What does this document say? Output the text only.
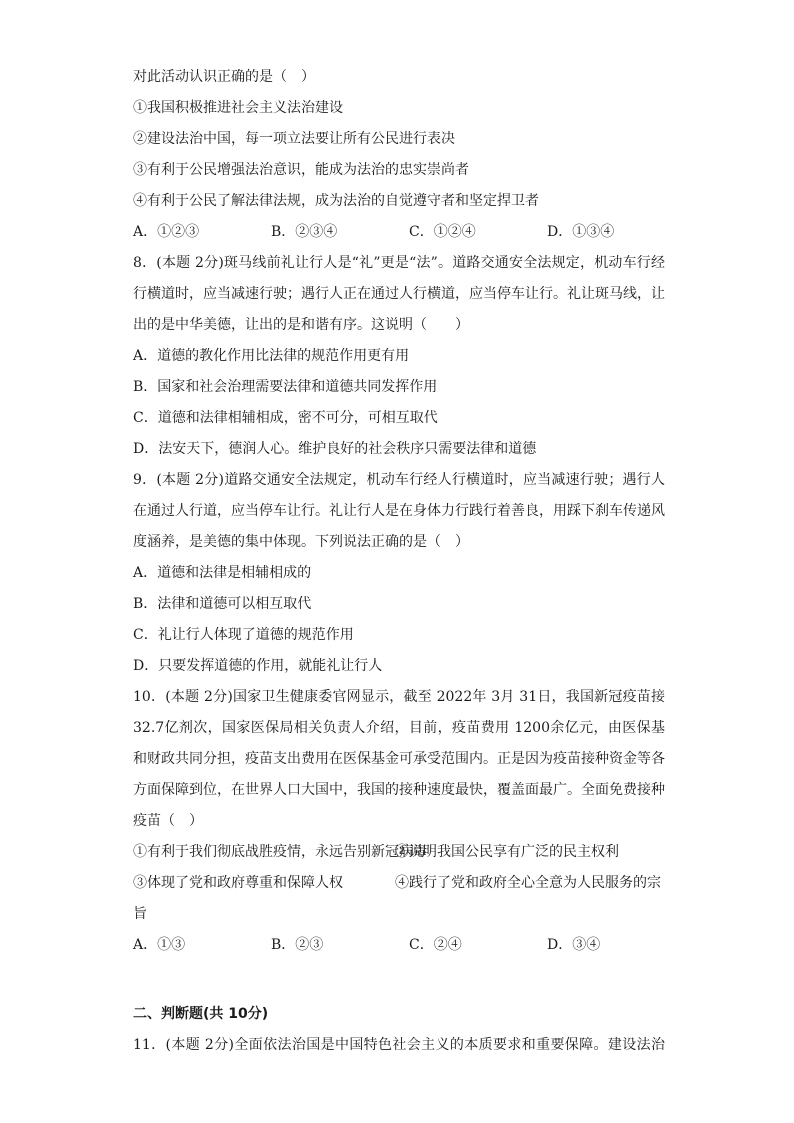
对此活动认识正确的是（　）
①我国积极推进社会主义法治建设
②建设法治中国，每一项立法要让所有公民进行表决
③有利于公民增强法治意识，能成为法治的忠实崇尚者
④有利于公民了解法律法规，成为法治的自觉遵守者和坚定捍卫者
A．①②③	B．②③④	C．①②④	D．①③④
8．(本题 2分)斑马线前礼让行人是“礼”更是“法”。道路交通安全法规定，机动车行经
行横道时，应当减速行驶；遇行人正在通过人行横道，应当停车让行。礼让斑马线，让
出的是中华美德，让出的是和谐有序。这说明（　　）
A．道德的教化作用比法律的规范作用更有用
B．国家和社会治理需要法律和道德共同发挥作用
C．道德和法律相辅相成，密不可分，可相互取代
D．法安天下，德润人心。维护良好的社会秩序只需要法律和道德
9．(本题 2分)道路交通安全法规定，机动车行经人行横道时，应当减速行驶；遇行人
在通过人行道，应当停车让行。礼让行人是在身体力行践行着善良，用踩下刹车传递风
度涵养，是美德的集中体现。下列说法正确的是（　）
A．道德和法律是相辅相成的
B．法律和道德可以相互取代
C．礼让行人体现了道德的规范作用
D．只要发挥道德的作用，就能礼让行人
10．(本题 2分)国家卫生健康委官网显示，截至 2022年 3月 31日，我国新冠疫苗接
32.7亿剂次，国家医保局相关负责人介绍，目前，疫苗费用 1200余亿元，由医保基
和财政共同分担，疫苗支出费用在医保基金可承受范围内。正是因为疫苗接种资金等各
方面保障到位，在世界人口大国中，我国的接种速度最快，覆盖面最广。全面免费接种
疫苗（　）
①有利于我们彻底战胜疫情，永远告别新冠病毒
②说明我国公民享有广泛的民主权利
③体现了党和政府尊重和保障人权	④践行了党和政府全心全意为人民服务的宗
旨
A．①③	B．②③	C．②④	D．③④
二、判断题(共 10分)
11．(本题 2分)全面依法治国是中国特色社会主义的本质要求和重要保障。建设法治
